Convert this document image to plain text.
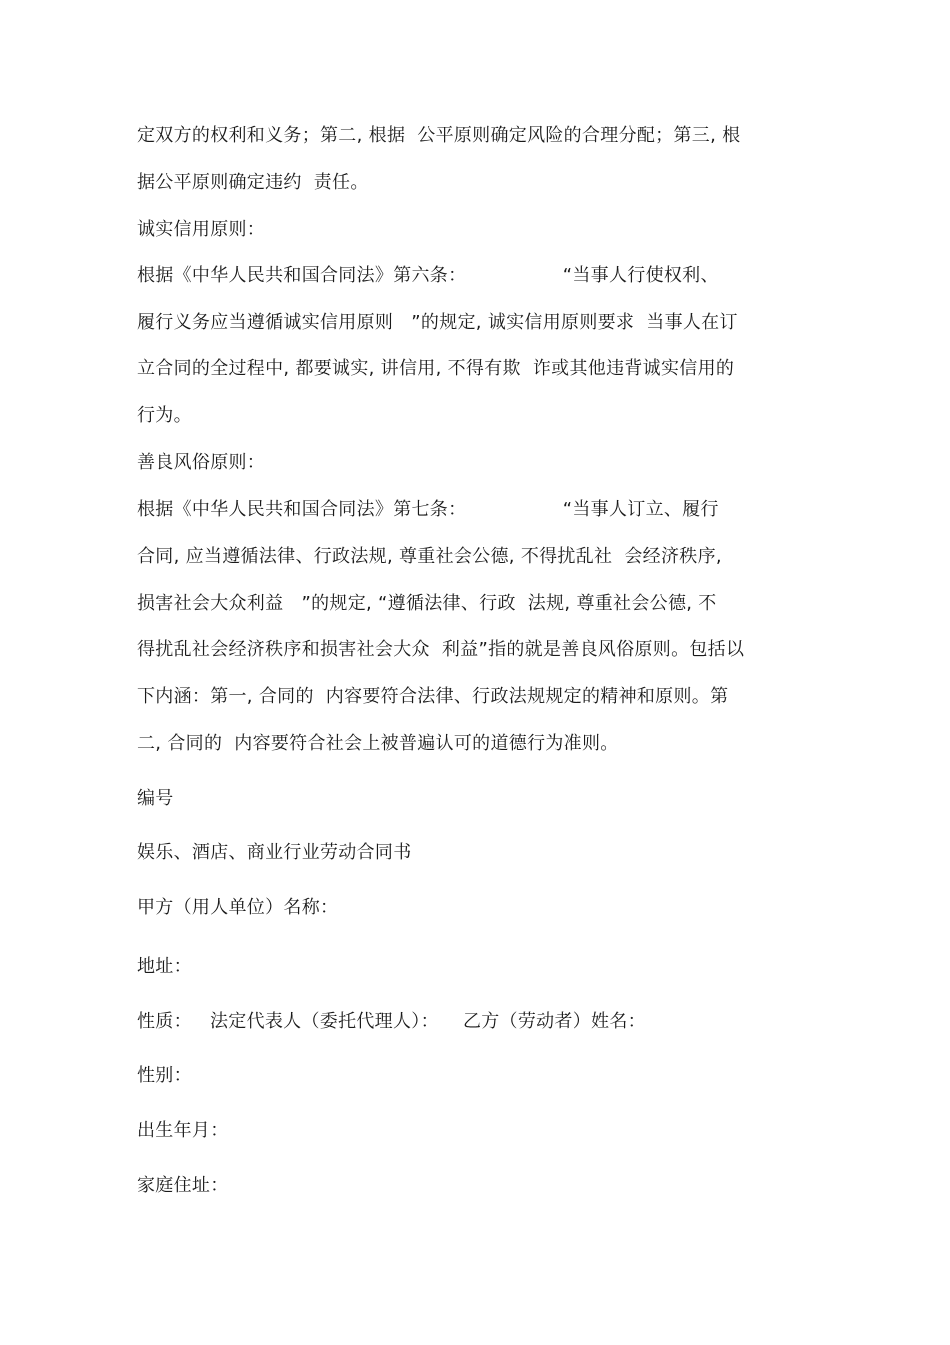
定双方的权利和义务；第二, 根据  公平原则确定风险的合理分配；第三, 根
据公平原则确定违约  责任。
诚实信用原则：
根据《中华人民共和国合同法》第六条：                “当事人行使权利、
履行义务应当遵循诚实信用原则   ”的规定, 诚实信用原则要求  当事人在订
立合同的全过程中, 都要诚实, 讲信用, 不得有欺  诈或其他违背诚实信用的
行为。
善良风俗原则：
根据《中华人民共和国合同法》第七条：                “当事人订立、履行
合同, 应当遵循法律、行政法规, 尊重社会公德, 不得扰乱社  会经济秩序,
损害社会大众利益   ”的规定, “遵循法律、行政  法规, 尊重社会公德, 不
得扰乱社会经济秩序和损害社会大众  利益”指的就是善良风俗原则。包括以
下内涵：第一, 合同的  内容要符合法律、行政法规规定的精神和原则。第
二, 合同的  内容要符合社会上被普遍认可的道德行为准则。
编号
娱乐、酒店、商业行业劳动合同书
甲方（用人单位）名称：
地址：
性质：   法定代表人（委托代理人）：    乙方（劳动者）姓名：
性别：
出生年月：
家庭住址：
